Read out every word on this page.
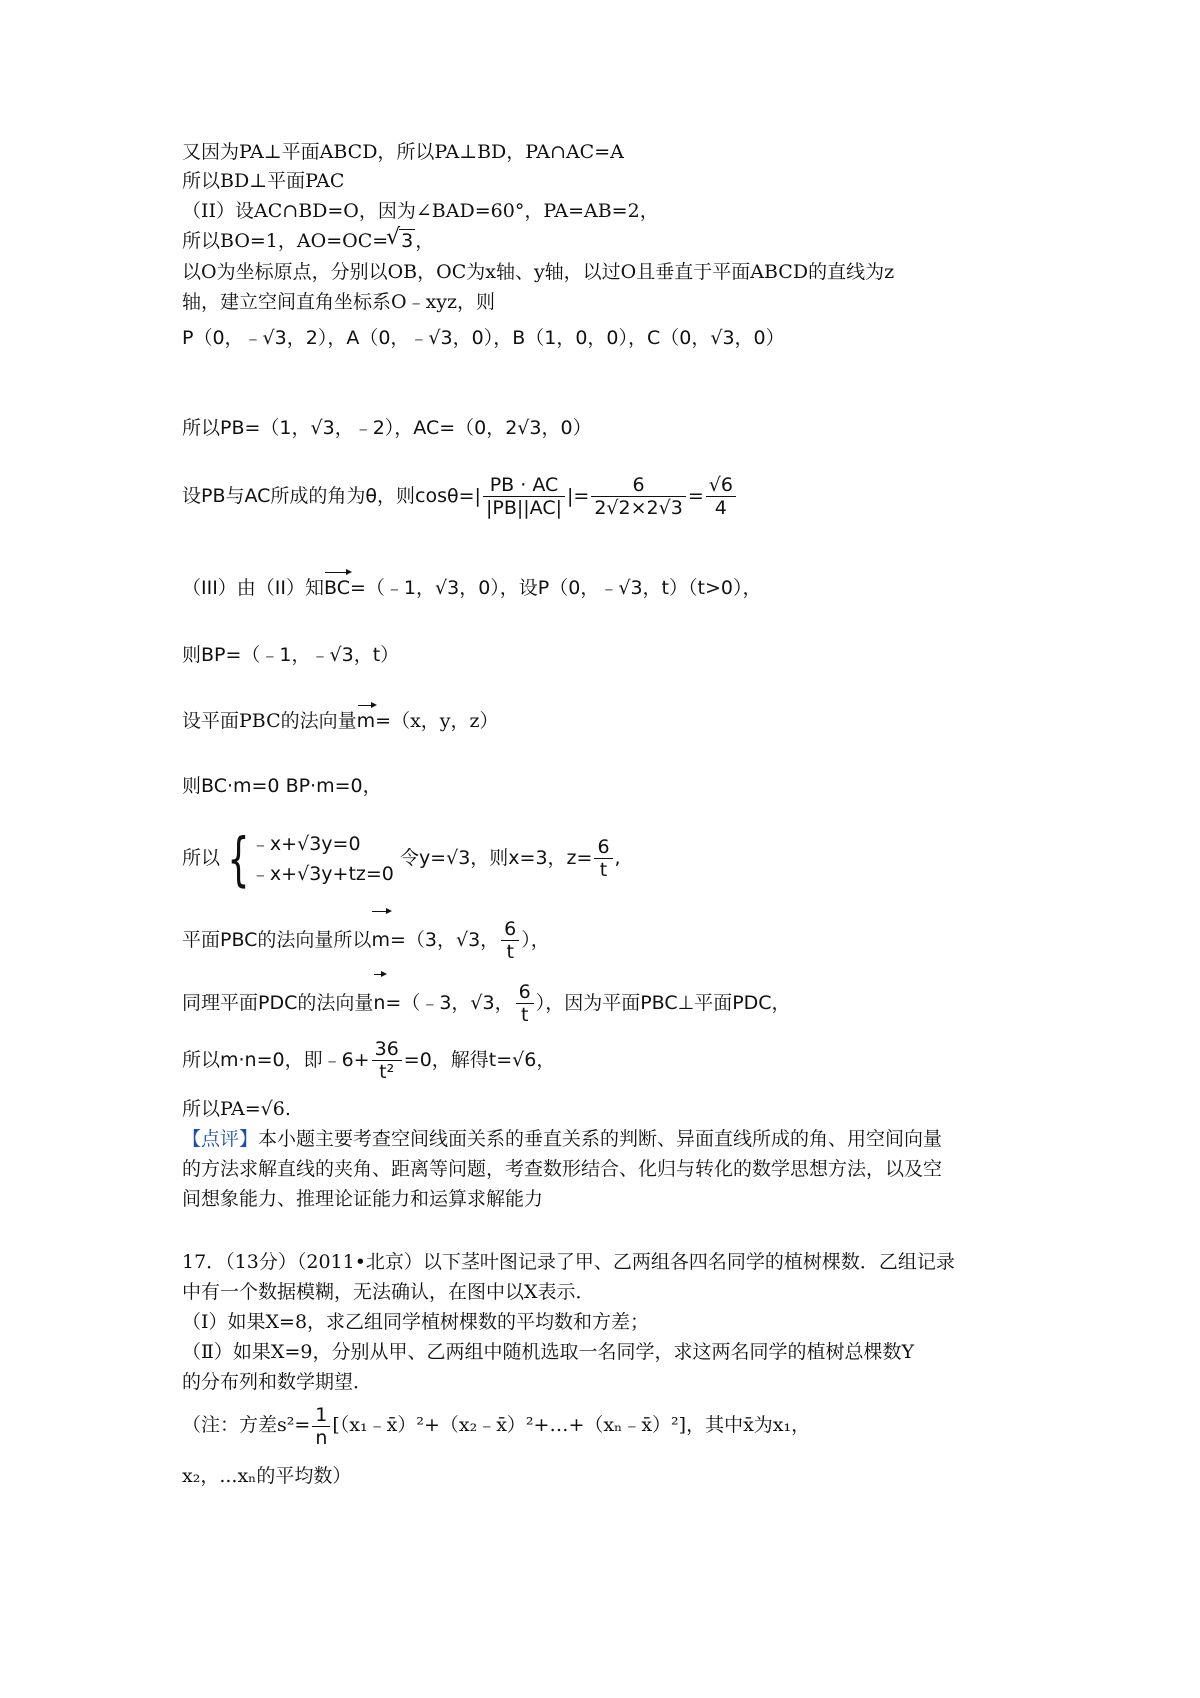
又因为PA⊥平面ABCD，所以PA⊥BD，PA∩AC=A
所以BD⊥平面PAC
（II）设AC∩BD=O，因为∠BAD=60°，PA=AB=2，
所以BO=1，AO=OC= √ 3 ，
以O为坐标原点，分别以OB，OC为x轴、y轴，以过O且垂直于平面ABCD的直线为z
轴，建立空间直角坐标系O﹣xyz，则
P（0，﹣√3，2），A（0，﹣√3，0），B（1，0，0），C（0，√3，0）
所以PB=（1，√3，﹣2），AC=（0，2√3，0）
设PB与AC所成的角为θ，则$\cos\theta=| \frac{PB \cdot AC}{|PB||AC|}$ |= $\frac{6}{2√2\times 2√3} = \frac{√6}{4}$
（III）由（II）知BC=（﹣1，√3，0），设P（0，﹣√3，t）（t>0），
则BP=（﹣1，﹣√3，t）
设平面PBC的法向量m=（x，y，z）
则BC·m=0 BP·m=0，
所以 { ﹣x+√3y=0
﹣x+√3y+tz=0
令y=√3，则x=3，$z= \frac{6}{t}$ ,
平面PBC的法向量所以m=（3，√3， $\frac{6}{t}$ ），
同理平面PDC的法向量n=（﹣3，√3， $\frac{6}{t}$ ），因为平面PBC⊥平面PDC，
所以m·n=0，即﹣6+ $\frac{36}{\text{t²}} =0$，解得t=√6，
所以PA=√6.
【点评】本小题主要考查空间线面关系的垂直关系的判断、异面直线所成的角、用空间向量
的方法求解直线的夹角、距离等问题，考查数形结合、化归与转化的数学思想方法，以及空
间想象能力、推理论证能力和运算求解能力
17．（13分）（2011•北京）以下茎叶图记录了甲、乙两组各四名同学的植树棵数．乙组记录
中有一个数据模糊，无法确认，在图中以X表示．
（Ⅰ）如果X=8，求乙组同学植树棵数的平均数和方差；
（Ⅱ）如果X=9，分别从甲、乙两组中随机选取一名同学，求这两名同学的植树总棵数Y
的分布列和数学期望．
（注：方差$s^2= \frac{1}{n}$ [（x₁﹣x̄）²+（x₂﹣x̄）²+…+（xₙ﹣x̄）²]，其中x̄为x₁，
x₂，...xₙ的平均数）
